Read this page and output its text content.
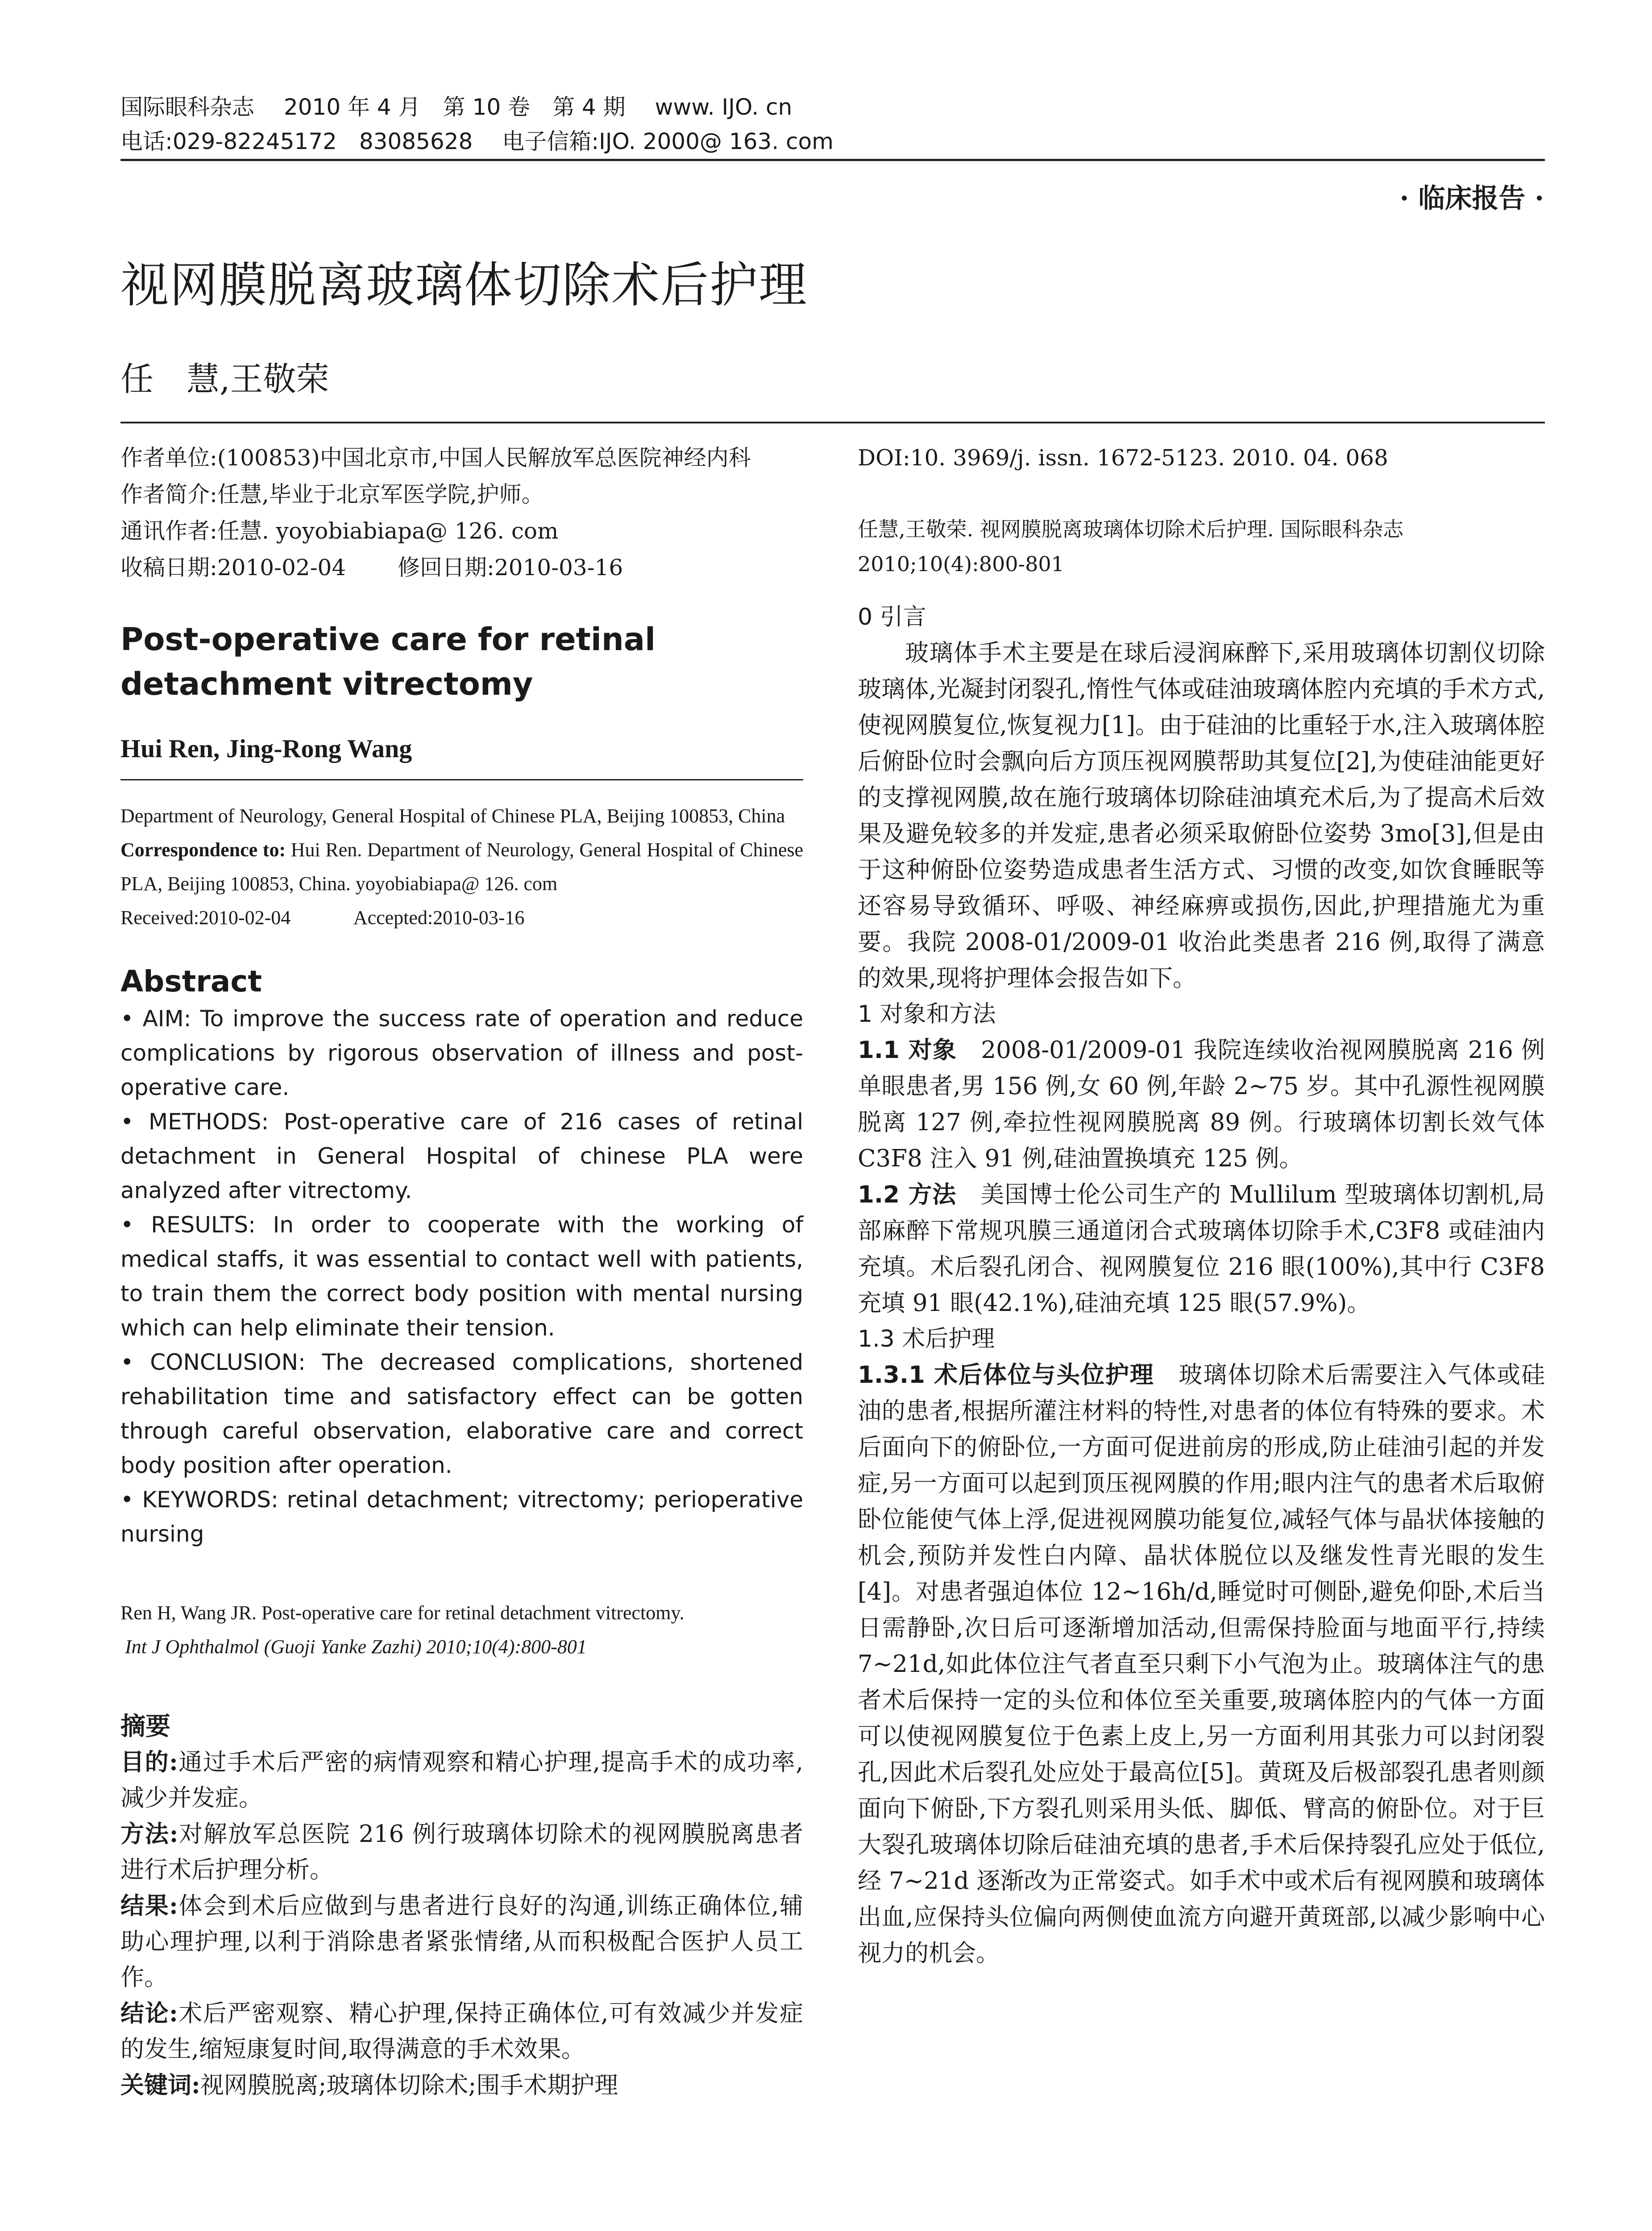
国际眼科杂志　 2010 年 4 月　第 10 卷　第 4 期　 www. IJO. cn
电话:029-82245172　83085628　 电子信箱:IJO. 2000@ 163. com
· 临床报告 ·
视网膜脱离玻璃体切除术后护理
任　慧,王敬荣

作者单位:(100853)中国北京市,中国人民解放军总医院神经内科

作者简介:任慧,毕业于北京军医学院,护师。

通讯作者:任慧. yoyobiabiapa@ 126. com

收稿日期:2010-02-04　　 修回日期:2010-03-16

Post-operative care for retinal detachment vitrectomy
Hui Ren, Jing-Rong Wang

Department of Neurology, General Hospital of Chinese PLA, Beijing 100853, China

Correspondence to: Hui Ren. Department of Neurology, General Hospital of Chinese PLA, Beijing 100853, China. yoyobiabiapa@ 126. com

Received:2010-02-04　　　 Accepted:2010-03-16

Abstract

• AIM: To improve the success rate of operation and reduce complications by rigorous observation of illness and post-operative care.

• METHODS: Post-operative care of 216 cases of retinal detachment in General Hospital of chinese PLA were analyzed after vitrectomy.

• RESULTS: In order to cooperate with the working of medical staffs, it was essential to contact well with patients, to train them the correct body position with mental nursing which can help eliminate their tension.

• CONCLUSION: The decreased complications, shortened rehabilitation time and satisfactory effect can be gotten through careful observation, elaborative care and correct body position after operation.

• KEYWORDS: retinal detachment; vitrectomy; perioperative nursing

Ren H, Wang JR. Post-operative care for retinal detachment vitrectomy.
Int J Ophthalmol (Guoji Yanke Zazhi) 2010;10(4):800-801
摘要

目的:通过手术后严密的病情观察和精心护理,提高手术的成功率,减少并发症。

方法:对解放军总医院 216 例行玻璃体切除术的视网膜脱离患者进行术后护理分析。

结果:体会到术后应做到与患者进行良好的沟通,训练正确体位,辅助心理护理,以利于消除患者紧张情绪,从而积极配合医护人员工作。

结论:术后严密观察、精心护理,保持正确体位,可有效减少并发症的发生,缩短康复时间,取得满意的手术效果。

关键词:视网膜脱离;玻璃体切除术;围手术期护理

DOI:10. 3969/j. issn. 1672-5123. 2010. 04. 068

任慧,王敬荣. 视网膜脱离玻璃体切除术后护理. 国际眼科杂志 2010;10(4):800-801

0 引言

玻璃体手术主要是在球后浸润麻醉下,采用玻璃体切割仪切除玻璃体,光凝封闭裂孔,惰性气体或硅油玻璃体腔内充填的手术方式,使视网膜复位,恢复视力[1]。由于硅油的比重轻于水,注入玻璃体腔后俯卧位时会飘向后方顶压视网膜帮助其复位[2],为使硅油能更好的支撑视网膜,故在施行玻璃体切除硅油填充术后,为了提高术后效果及避免较多的并发症,患者必须采取俯卧位姿势 3mo[3],但是由于这种俯卧位姿势造成患者生活方式、习惯的改变,如饮食睡眠等还容易导致循环、呼吸、神经麻痹或损伤,因此,护理措施尤为重要。我院 2008-01/2009-01 收治此类患者 216 例,取得了满意的效果,现将护理体会报告如下。

1 对象和方法

1.1 对象　2008-01/2009-01 我院连续收治视网膜脱离 216 例单眼患者,男 156 例,女 60 例,年龄 2~75 岁。其中孔源性视网膜脱离 127 例,牵拉性视网膜脱离 89 例。行玻璃体切割长效气体 C3F8 注入 91 例,硅油置换填充 125 例。

1.2 方法　美国博士伦公司生产的 Mullilum 型玻璃体切割机,局部麻醉下常规巩膜三通道闭合式玻璃体切除手术,C3F8 或硅油内充填。术后裂孔闭合、视网膜复位 216 眼(100%),其中行 C3F8 充填 91 眼(42.1%),硅油充填 125 眼(57.9%)。

1.3 术后护理

1.3.1 术后体位与头位护理　玻璃体切除术后需要注入气体或硅油的患者,根据所灌注材料的特性,对患者的体位有特殊的要求。术后面向下的俯卧位,一方面可促进前房的形成,防止硅油引起的并发症,另一方面可以起到顶压视网膜的作用;眼内注气的患者术后取俯卧位能使气体上浮,促进视网膜功能复位,减轻气体与晶状体接触的机会,预防并发性白内障、晶状体脱位以及继发性青光眼的发生[4]。对患者强迫体位 12~16h/d,睡觉时可侧卧,避免仰卧,术后当日需静卧,次日后可逐渐增加活动,但需保持脸面与地面平行,持续 7~21d,如此体位注气者直至只剩下小气泡为止。玻璃体注气的患者术后保持一定的头位和体位至关重要,玻璃体腔内的气体一方面可以使视网膜复位于色素上皮上,另一方面利用其张力可以封闭裂孔,因此术后裂孔处应处于最高位[5]。黄斑及后极部裂孔患者则颜面向下俯卧,下方裂孔则采用头低、脚低、臂高的俯卧位。对于巨大裂孔玻璃体切除后硅油充填的患者,手术后保持裂孔应处于低位,经 7~21d 逐渐改为正常姿式。如手术中或术后有视网膜和玻璃体出血,应保持头位偏向两侧使血流方向避开黄斑部,以减少影响中心视力的机会。
